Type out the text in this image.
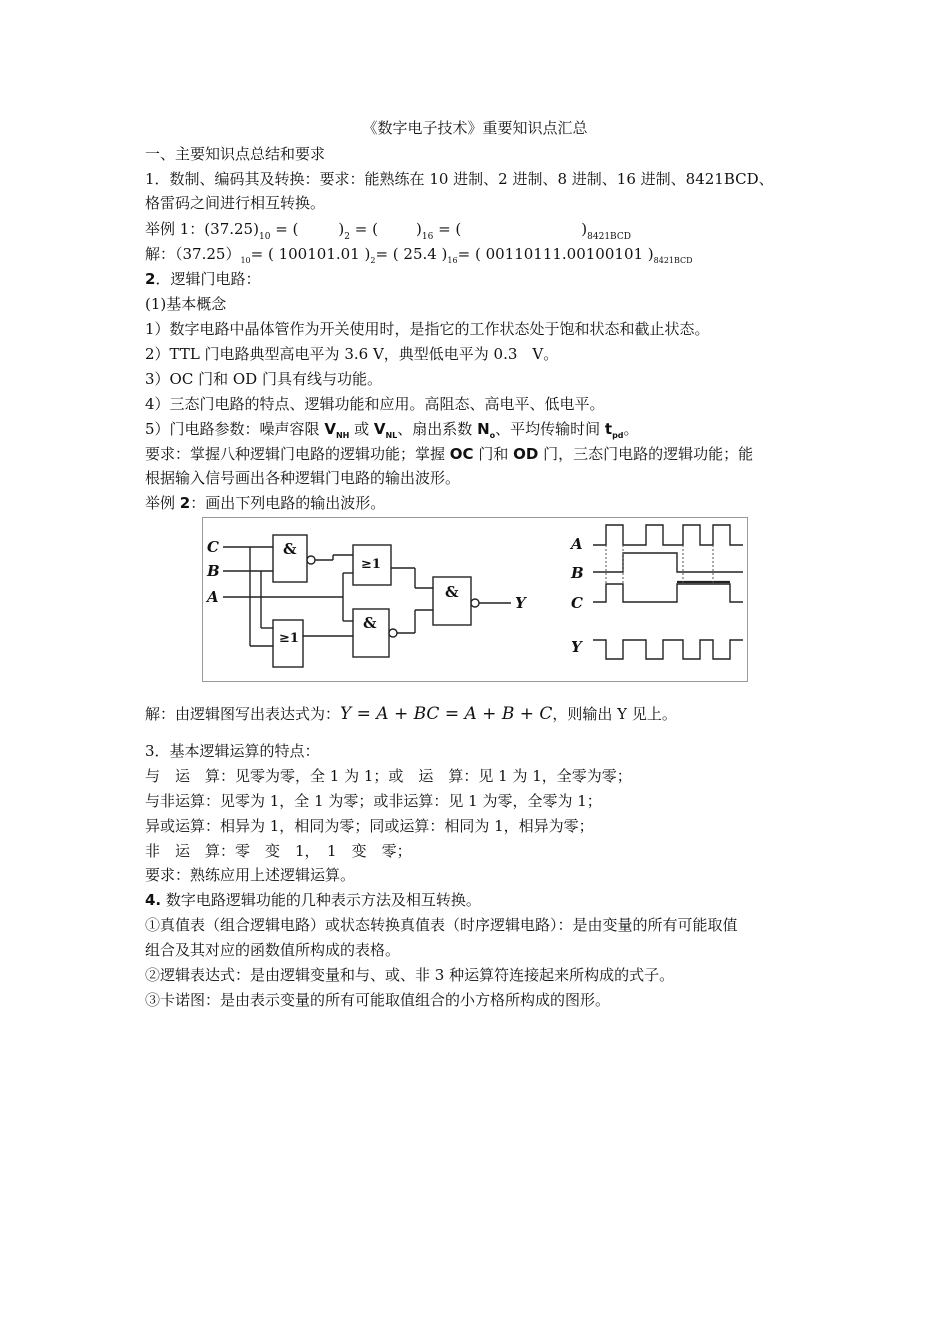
《数字电子技术》重要知识点汇总
一、主要知识点总结和要求
1．数制、编码其及转换：要求：能熟练在 10 进制、2 进制、8 进制、16 进制、8421BCD、
格雷码之间进行相互转换。
举例 1：$(37.25)_{10}$ = (	)$_2$ = (	)$_{16}$ = (	)$_{8421BCD}$
解：$(37.25)_{10}=$ ( 100101.01 )$_2=$ ( 25.4 )$_{16}=$ ( 00110111.00100101 )$_{8421BCD}$
2．逻辑门电路：
(1)基本概念
1）数字电路中晶体管作为开关使用时，是指它的工作状态处于饱和状态和截止状态。
2）TTL 门电路典型高电平为 3.6 V，典型低电平为 0.3　V。
3）OC 门和 OD 门具有线与功能。
4）三态门电路的特点、逻辑功能和应用。高阻态、高电平、低电平。
5）门电路参数：噪声容限 $V_{NH}$ 或 $V_{NL}$、扇出系数 $N_o$、平均传输时间 $t_{pd}$。
要求：掌握八种逻辑门电路的逻辑功能；掌握 OC 门和 OD 门，三态门电路的逻辑功能；能
根据输入信号画出各种逻辑门电路的输出波形。
举例 2：画出下列电路的输出波形。
&
≥1
&
≥1
&
C
B
A	Y
A
B
C
Y
解：由逻辑图写出表达式为：Y = A + BC = A + B + C，则输出 Y 见上。
3．基本逻辑运算的特点：
与　运　算：见零为零，全 1 为 1；或　运　算：见 1 为 1，全零为零；
与非运算：见零为 1，全 1 为零；或非运算：见 1 为零，全零为 1；
异或运算：相异为 1，相同为零；同或运算：相同为 1，相异为零；
非　运　算：零　变　1，　1　变　零；
要求：熟练应用上述逻辑运算。
4. 数字电路逻辑功能的几种表示方法及相互转换。
①真值表（组合逻辑电路）或状态转换真值表（时序逻辑电路）：是由变量的所有可能取值
组合及其对应的函数值所构成的表格。
②逻辑表达式：是由逻辑变量和与、或、非 3 种运算符连接起来所构成的式子。
③卡诺图：是由表示变量的所有可能取值组合的小方格所构成的图形。
